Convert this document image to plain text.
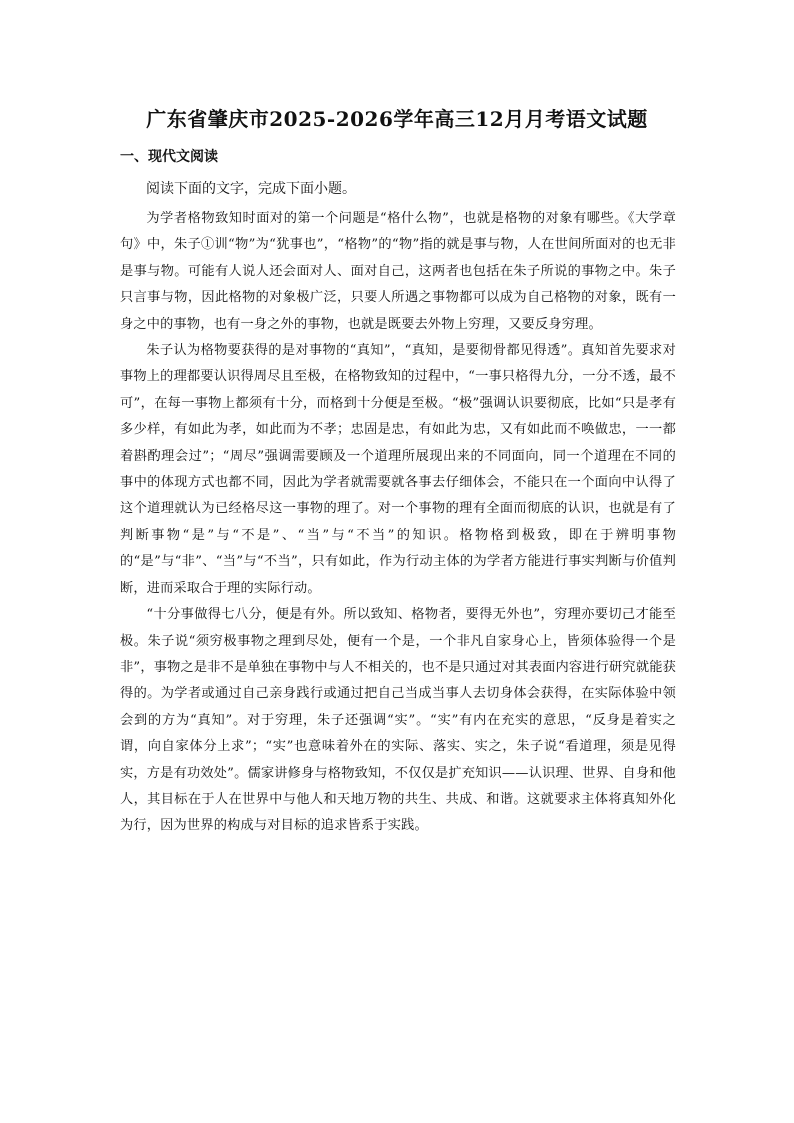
广东省肇庆市2025-2026学年高三12月月考语文试题
一、现代文阅读

阅读下面的文字，完成下面小题。

为学者格物致知时面对的第一个问题是“格什么物”，也就是格物的对象有哪些。《大学章句》中，朱子①训“物”为“犹事也”，“格物”的“物”指的就是事与物，人在世间所面对的也无非是事与物。可能有人说人还会面对人、面对自己，这两者也包括在朱子所说的事物之中。朱子只言事与物，因此格物的对象极广泛，只要人所遇之事物都可以成为自己格物的对象，既有一身之中的事物，也有一身之外的事物，也就是既要去外物上穷理，又要反身穷理。

朱子认为格物要获得的是对事物的“真知”，“真知，是要彻骨都见得透”。真知首先要求对事物上的理都要认识得周尽且至极，在格物致知的过程中，“一事只格得九分，一分不透，最不可”，在每一事物上都须有十分，而格到十分便是至极。“极”强调认识要彻底，比如“只是孝有多少样，有如此为孝，如此而为不孝；忠固是忠，有如此为忠，又有如此而不唤做忠，一一都着斟酌理会过”；“周尽”强调需要顾及一个道理所展现出来的不同面向，同一个道理在不同的事中的体现方式也都不同，因此为学者就需要就各事去仔细体会，不能只在一个面向中认得了这个道理就认为已经格尽这一事物的理了。对一个事物的理有全面而彻底的认识，也就是有了判断事物“是”与“不是”、“当”与“不当”的知识。格物格到极致，即在于辨明事物的“是”与“非”、“当”与“不当”，只有如此，作为行动主体的为学者方能进行事实判断与价值判断，进而采取合于理的实际行动。

“十分事做得七八分，便是有外。所以致知、格物者，要得无外也”，穷理亦要切己才能至极。朱子说“须穷极事物之理到尽处，便有一个是，一个非凡自家身心上，皆须体验得一个是非”，事物之是非不是单独在事物中与人不相关的，也不是只通过对其表面内容进行研究就能获得的。为学者或通过自己亲身践行或通过把自己当成当事人去切身体会获得，在实际体验中领会到的方为“真知”。对于穷理，朱子还强调“实”。“实”有内在充实的意思，“反身是着实之谓，向自家体分上求”；“实”也意味着外在的实际、落实、实之，朱子说“看道理，须是见得实，方是有功效处”。儒家讲修身与格物致知，不仅仅是扩充知识——认识理、世界、自身和他人，其目标在于人在世界中与他人和天地万物的共生、共成、和谐。这就要求主体将真知外化为行，因为世界的构成与对目标的追求皆系于实践。
